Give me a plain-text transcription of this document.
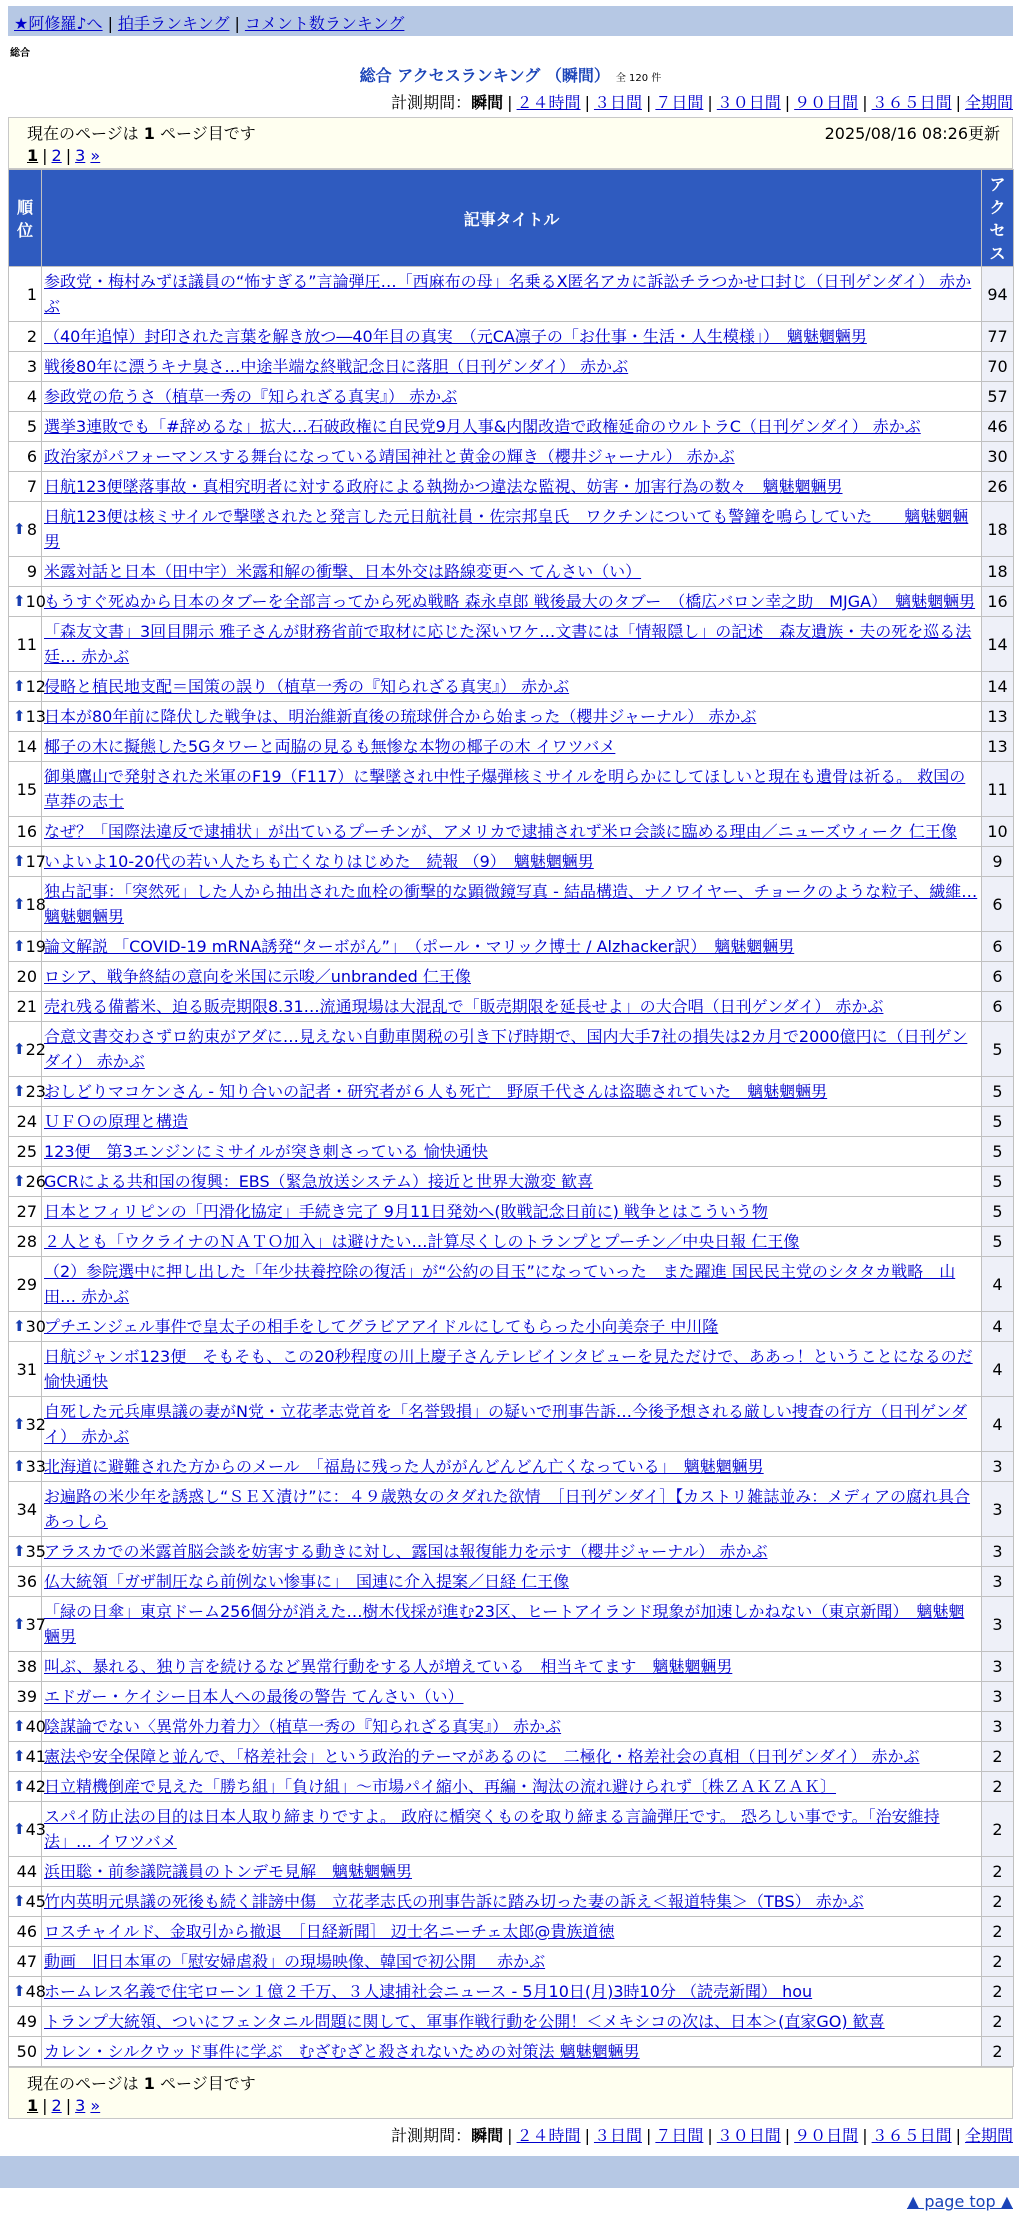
★阿修羅♪へ | 拍手ランキング | コメント数ランキング
総合
総合 アクセスランキング （瞬間） 全 120 件
計測期間：瞬間 | ２４時間 | ３日間 | ７日間 | ３０日間 | ９０日間 | ３６５日間 | 全期間
現在のページは 1 ページ目です	2025/08/16 08:26更新
1 | 2 | 3 »
順位	記事タイトル	アクセス
1	参政党・梅村みずほ議員の“怖すぎる”言論弾圧…「西麻布の母」名乗るX匿名アカに訴訟チラつかせ口封じ（日刊ゲンダイ） 赤かぶ	94
2	（40年追悼）封印された言葉を解き放つ―40年目の真実　（元CA凛子の「お仕事・生活・人生模様」）　魑魅魍魎男	77
3	戦後80年に漂うキナ臭さ…中途半端な終戦記念日に落胆（日刊ゲンダイ） 赤かぶ	70
4	参政党の危うさ（植草一秀の『知られざる真実』） 赤かぶ	57
5	選挙3連敗でも「#辞めるな」拡大…石破政権に自民党9月人事&内閣改造で政権延命のウルトラC（日刊ゲンダイ） 赤かぶ	46
6	政治家がパフォーマンスする舞台になっている靖国神社と黄金の輝き（櫻井ジャーナル） 赤かぶ	30
7	日航123便墜落事故・真相究明者に対する政府による執拗かつ違法な監視、妨害・加害行為の数々　魑魅魍魎男	26

⬆ 8	日航123便は核ミサイルで撃墜されたと発言した元日航社員・佐宗邦皇氏　ワクチンについても警鐘を鳴らしていた　　魑魅魍魎男	18
9	米露対話と日本（田中宇）米露和解の衝撃、日本外交は路線変更へ てんさい（い）	18

⬆ 10	もうすぐ死ぬから日本のタブーを全部言ってから死ぬ戦略 森永卓郎 戦後最大のタブー　（橋広バロン幸之助　MJGA）　魑魅魍魎男	16
11	「森友文書」3回目開示 雅子さんが財務省前で取材に応じた深いワケ…文書には「情報隠し」の記述　森友遺族・夫の死を巡る法廷… 赤かぶ	14

⬆ 12	侵略と植民地支配＝国策の誤り（植草一秀の『知られざる真実』） 赤かぶ	14

⬆ 13	日本が80年前に降伏した戦争は、明治維新直後の琉球併合から始まった（櫻井ジャーナル） 赤かぶ	13
14	椰子の木に擬態した5Gタワーと両脇の見るも無惨な本物の椰子の木 イワツバメ	13
15	御巣鷹山で発射された米軍のF19（F117）に撃墜され中性子爆弾核ミサイルを明らかにしてほしいと現在も遺骨は祈る。 救国の草莽の志士	11
16	なぜ？「国際法違反で逮捕状」が出ているプーチンが、アメリカで逮捕されず米ロ会談に臨める理由／ニューズウィーク 仁王像	10

⬆ 17	いよいよ10-20代の若い人たちも亡くなりはじめた　続報 （9）　魑魅魍魎男	9

⬆ 18	独占記事：「突然死」した人から抽出された血栓の衝撃的な顕微鏡写真 - 結晶構造、ナノワイヤー、チョークのような粒子、繊維… 魑魅魍魎男	6

⬆ 19	論文解説 「COVID-19 mRNA誘発“ターボがん”」　（ポール・マリック博士 / Alzhacker訳）　魑魅魍魎男	6
20	ロシア、戦争終結の意向を米国に示唆／unbranded 仁王像	6
21	売れ残る備蓄米、迫る販売期限8.31…流通現場は大混乱で「販売期限を延長せよ」の大合唱（日刊ゲンダイ） 赤かぶ	6

⬆ 22	合意文書交わさずロ約束がアダに…見えない自動車関税の引き下げ時期で、国内大手7社の損失は2カ月で2000億円に（日刊ゲンダイ） 赤かぶ	5

⬆ 23	おしどりマコケンさん - 知り合いの記者・研究者が６人も死亡　野原千代さんは盗聴されていた　魑魅魍魎男	5
24	ＵＦＯの原理と構造	5
25	123便　第3エンジンにミサイルが突き刺さっている 愉快通快	5

⬆ 26	GCRによる共和国の復興：EBS（緊急放送システム）接近と世界大激変 歓喜	5
27	日本とフィリピンの「円滑化協定」手続き完了 9月11日発効へ(敗戦記念日前に) 戦争とはこういう物	5
28	２人とも「ウクライナのＮＡＴＯ加入」は避けたい…計算尽くしのトランプとプーチン／中央日報 仁王像	5
29	（2）参院選中に押し出した「年少扶養控除の復活」が“公約の目玉”になっていった　また躍進 国民民主党のシタタカ戦略　山田… 赤かぶ	4

⬆ 30	プチエンジェル事件で皇太子の相手をしてグラビアアイドルにしてもらった小向美奈子 中川隆	4
31	日航ジャンボ123便　そもそも、この20秒程度の川上慶子さんテレビインタビューを見ただけで、ああっ！ということになるのだ 愉快通快	4

⬆ 32	自死した元兵庫県議の妻がN党・立花孝志党首を「名誉毀損」の疑いで刑事告訴…今後予想される厳しい捜査の行方（日刊ゲンダイ） 赤かぶ	4

⬆ 33	北海道に避難された方からのメール　「福島に残った人ががんどんどん亡くなっている」　魑魅魍魎男	3
34	お遍路の米少年を誘惑し“ＳＥＸ漬け”に：４９歳熟女のタダれた欲情　［日刊ゲンダイ］【カストリ雑誌並み：メディアの腐れ具合 あっしら	3

⬆ 35	アラスカでの米露首脳会談を妨害する動きに対し、露国は報復能力を示す（櫻井ジャーナル） 赤かぶ	3
36	仏大統領「ガザ制圧なら前例ない惨事に」　国連に介入提案／日経 仁王像	3

⬆ 37	「緑の日傘」東京ドーム256個分が消えた…樹木伐採が進む23区、ヒートアイランド現象が加速しかねない（東京新聞）　魑魅魍魎男	3
38	叫ぶ、暴れる、独り言を続けるなど異常行動をする人が増えている　相当キてます　魑魅魍魎男	3
39	エドガー・ケイシー日本人への最後の警告 てんさい（い）	3

⬆ 40	陰謀論でない〈異常外力着力〉（植草一秀の『知られざる真実』） 赤かぶ	3

⬆ 41	憲法や安全保障と並んで、「格差社会」という政治的テーマがあるのに　二極化・格差社会の真相（日刊ゲンダイ） 赤かぶ	2

⬆ 42	日立精機倒産で見えた「勝ち組」「負け組」～市場パイ縮小、再編・淘汰の流れ避けられず〔株ＺＡＫＺＡＫ〕	2

⬆ 43	スパイ防止法の目的は日本人取り締まりですよ。 政府に楯突くものを取り締まる言論弾圧です。 恐ろしい事です。「治安維持法」… イワツバメ	2
44	浜田聡・前参議院議員のトンデモ見解　魑魅魍魎男	2

⬆ 45	竹内英明元県議の死後も続く誹謗中傷　立花孝志氏の刑事告訴に踏み切った妻の訴え＜報道特集＞（TBS） 赤かぶ	2
46	ロスチャイルド、金取引から撤退　［日経新聞］ 辺士名ニーチェ太郎@貴族道徳	2
47	動画　旧日本軍の「慰安婦虐殺」の現場映像、韓国で初公開　 赤かぶ	2

⬆ 48	ホームレス名義で住宅ローン１億２千万、３人逮捕社会ニュース - 5月10日(月)3時10分 （読売新聞） hou	2
49	トランプ大統領、ついにフェンタニル問題に関して、軍事作戦行動を公開！＜メキシコの次は、日本＞(直家GO) 歓喜	2
50	カレン・シルクウッド事件に学ぶ　むざむざと殺されないための対策法 魑魅魍魎男	2
現在のページは 1 ページ目です
1 | 2 | 3 »
計測期間：瞬間 | ２４時間 | ３日間 | ７日間 | ３０日間 | ９０日間 | ３６５日間 | 全期間
▲ page top ▲
